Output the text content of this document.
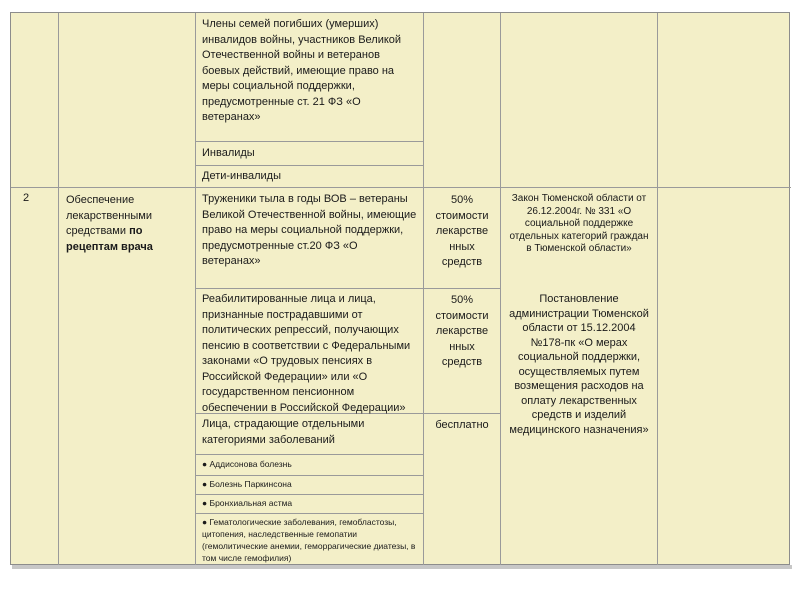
Члены семей погибших (умерших) инвалидов войны, участников Великой Отечественной войны и ветеранов боевых действий, имеющие право на меры социальной поддержки, предусмотренные ст. 21 ФЗ «О ветеранах»
Инвалиды
Дети-инвалиды
2	Обеспечение лекарственными средствами по рецептам врача
Труженики тыла в годы ВОВ – ветераны Великой Отечественной войны, имеющие право на меры социальной поддержки, предусмотренные ст.20 ФЗ «О ветеранах»
50% стоимости лекарстве нных средств
Реабилитированные лица и лица, признанные пострадавшими от политических репрессий, получающих пенсию в соответствии с Федеральными законами «О трудовых пенсиях в Российской Федерации» или «О государственном пенсионном обеспечении в Российской Федерации»
50% стоимости лекарстве нных средств
Лица, страдающие отдельными категориями заболеваний
бесплатно
● Аддисонова болезнь
● Болезнь Паркинсона
● Бронхиальная астма
● Гематологические заболевания, гемобластозы, цитопения, наследственные гемопатии (гемолитические анемии, геморрагические диатезы, в том числе гемофилия)
Закон Тюменской области от 26.12.2004г. № 331 «О социальной поддержке отдельных категорий граждан в Тюменской области»
Постановление администрации Тюменской области от 15.12.2004 №178-пк «О мерах социальной поддержки, осуществляемых путем возмещения расходов на оплату лекарственных средств и изделий медицинского назначения»
